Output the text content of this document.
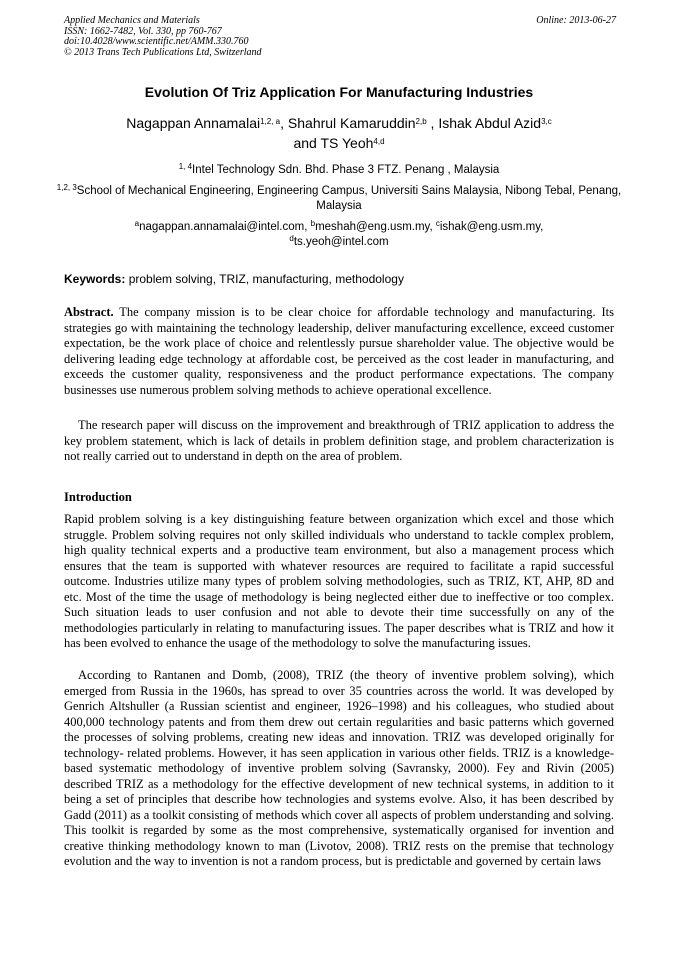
Applied Mechanics and Materials
ISSN: 1662-7482, Vol. 330, pp 760-767
doi:10.4028/www.scientific.net/AMM.330.760
© 2013 Trans Tech Publications Ltd, Switzerland
Online: 2013-06-27
Evolution Of Triz Application For Manufacturing Industries
Nagappan Annamalai$^{1,2, a}$, Shahrul Kamaruddin$^{2,b}$ , Ishak Abdul Azid$^{3,c}$
and TS Yeoh$^{4,d}$
$^{1, 4}$Intel Technology Sdn. Bhd. Phase 3 FTZ. Penang , Malaysia
$^{1,2, 3}$School of Mechanical Engineering, Engineering Campus, Universiti Sains Malaysia, Nibong Tebal, Penang, Malaysia
$^a$nagappan.annamalai@intel.com, $^b$meshah@eng.usm.my, $^c$ishak@eng.usm.my,
$^d$ts.yeoh@intel.com
Keywords: problem solving, TRIZ, manufacturing, methodology

Abstract. The company mission is to be clear choice for affordable technology and manufacturing. Its strategies go with maintaining the technology leadership, deliver manufacturing excellence, exceed customer expectation, be the work place of choice and relentlessly pursue shareholder value. The objective would be delivering leading edge technology at affordable cost, be perceived as the cost leader in manufacturing, and exceeds the customer quality, responsiveness and the product performance expectations. The company businesses use numerous problem solving methods to achieve operational excellence.

The research paper will discuss on the improvement and breakthrough of TRIZ application to address the key problem statement, which is lack of details in problem definition stage, and problem characterization is not really carried out to understand in depth on the area of problem.

Introduction

Rapid problem solving is a key distinguishing feature between organization which excel and those which struggle. Problem solving requires not only skilled individuals who understand to tackle complex problem, high quality technical experts and a productive team environment, but also a management process which ensures that the team is supported with whatever resources are required to facilitate a rapid successful outcome. Industries utilize many types of problem solving methodologies, such as TRIZ, KT, AHP, 8D and etc. Most of the time the usage of methodology is being neglected either due to ineffective or too complex. Such situation leads to user confusion and not able to devote their time successfully on any of the methodologies particularly in relating to manufacturing issues. The paper describes what is TRIZ and how it has been evolved to enhance the usage of the methodology to solve the manufacturing issues.

According to Rantanen and Domb, (2008), TRIZ (the theory of inventive problem solving), which emerged from Russia in the 1960s, has spread to over 35 countries across the world. It was developed by Genrich Altshuller (a Russian scientist and engineer, 1926–1998) and his colleagues, who studied about 400,000 technology patents and from them drew out certain regularities and basic patterns which governed the processes of solving problems, creating new ideas and innovation. TRIZ was developed originally for technology- related problems. However, it has seen application in various other fields. TRIZ is a knowledge-based systematic methodology of inventive problem solving (Savransky, 2000). Fey and Rivin (2005) described TRIZ as a methodology for the effective development of new technical systems, in addition to it being a set of principles that describe how technologies and systems evolve. Also, it has been described by Gadd (2011) as a toolkit consisting of methods which cover all aspects of problem understanding and solving. This toolkit is regarded by some as the most comprehensive, systematically organised for invention and creative thinking methodology known to man (Livotov, 2008). TRIZ rests on the premise that technology evolution and the way to invention is not a random process, but is predictable and governed by certain laws
